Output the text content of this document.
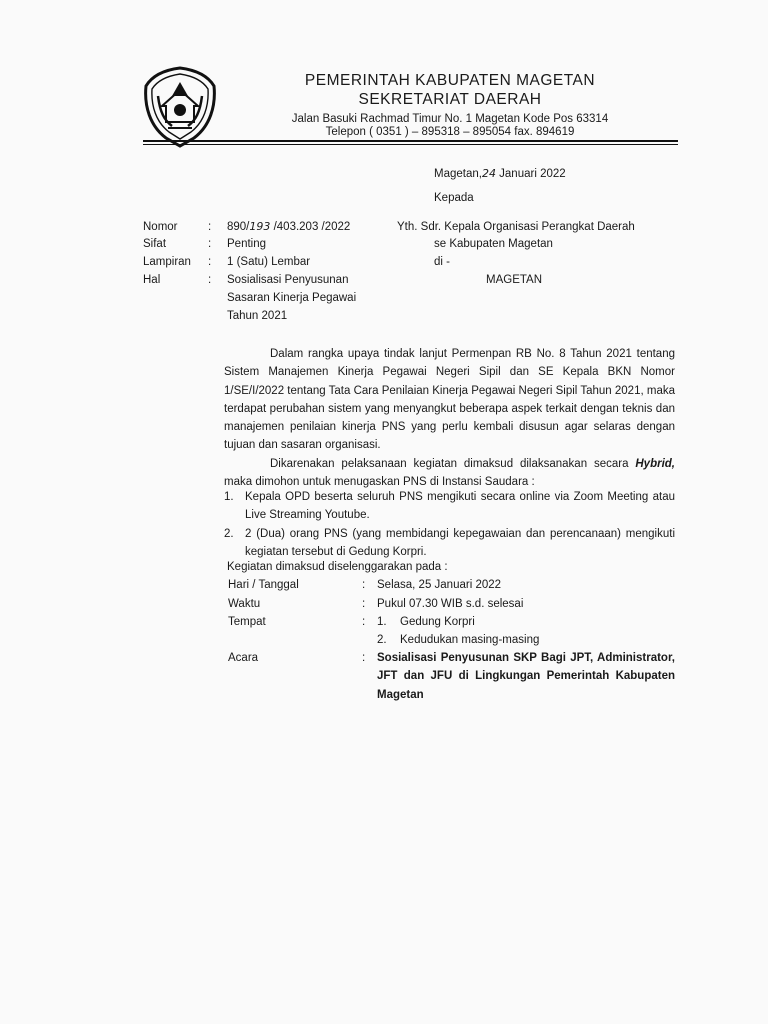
PEMERINTAH KABUPATEN MAGETAN
SEKRETARIAT DAERAH
Jalan Basuki Rachmad Timur No. 1 Magetan Kode Pos 63314
Telepon ( 0351 ) – 895318 – 895054 fax. 894619
Magetan,24 Januari 2022
Kepada
Nomor	: 890/193 /403.203 /2022
Sifat	: Penting
Lampiran : 1 (Satu) Lembar
Hal	: Sosialisasi Penyusunan
Sasaran Kinerja Pegawai
Tahun 2021
Yth. Sdr. Kepala Organisasi Perangkat Daerah
se Kabupaten Magetan
di -
MAGETAN
Dalam rangka upaya tindak lanjut Permenpan RB No. 8 Tahun 2021 tentang Sistem Manajemen Kinerja Pegawai Negeri Sipil dan SE Kepala BKN Nomor 1/SE/I/2022 tentang Tata Cara Penilaian Kinerja Pegawai Negeri Sipil Tahun 2021, maka terdapat perubahan sistem yang menyangkut beberapa aspek terkait dengan teknis dan manajemen penilaian kinerja PNS yang perlu kembali disusun agar selaras dengan tujuan dan sasaran organisasi.
Dikarenakan pelaksanaan kegiatan dimaksud dilaksanakan secara Hybrid, maka dimohon untuk menugaskan PNS di Instansi Saudara :
1. Kepala OPD beserta seluruh PNS mengikuti secara online via Zoom Meeting atau Live Streaming Youtube.
2. 2 (Dua) orang PNS (yang membidangi kepegawaian dan perencanaan) mengikuti kegiatan tersebut di Gedung Korpri.
Kegiatan dimaksud diselenggarakan pada :
Hari / Tanggal	: Selasa, 25 Januari 2022
Waktu	: Pukul 07.30 WIB s.d. selesai
Tempat	: 1. Gedung Korpri
2. Kedudukan masing-masing
Acara	: Sosialisasi Penyusunan SKP Bagi JPT, Administrator, JFT dan JFU di Lingkungan Pemerintah Kabupaten Magetan
